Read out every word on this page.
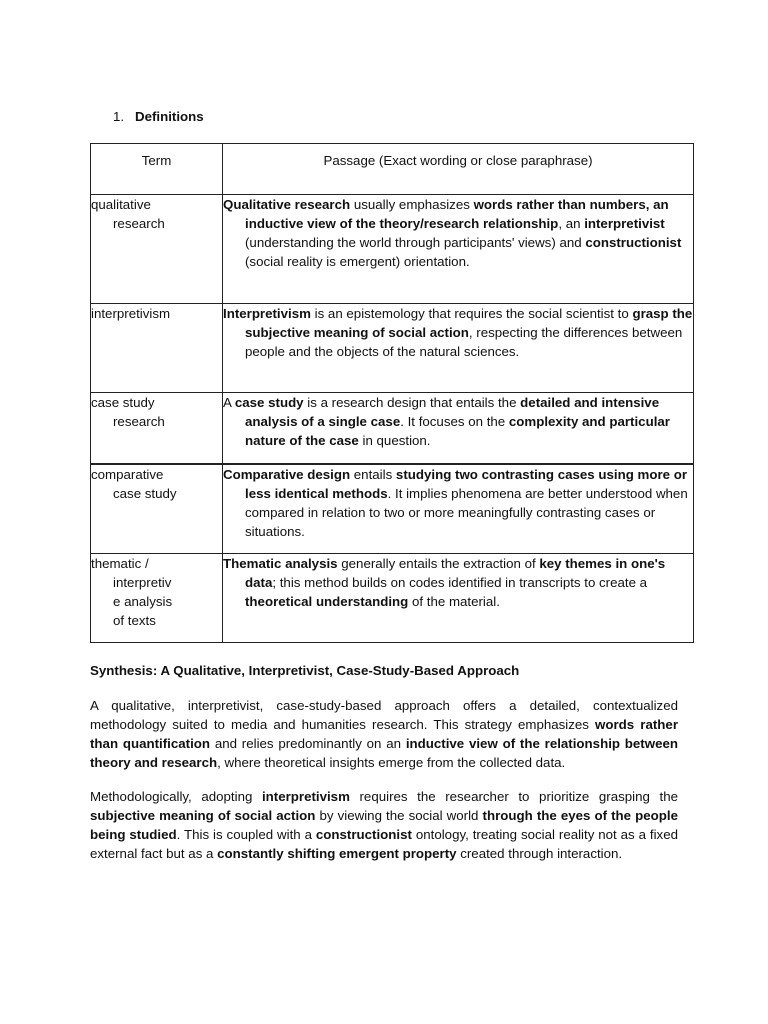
1. Definitions
Term	Passage (Exact wording or close paraphrase)

qualitative
research	Qualitative research usually emphasizes words rather than numbers, an inductive view of the theory/research relationship, an interpretivist (understanding the world through participants' views) and constructionist (social reality is emergent) orientation.

interpretivism	Interpretivism is an epistemology that requires the social scientist to grasp the subjective meaning of social action, respecting the differences between people and the objects of the natural sciences.

case study
research	A case study is a research design that entails the detailed and intensive analysis of a single case. It focuses on the complexity and particular nature of the case in question.

comparative
case study	Comparative design entails studying two contrasting cases using more or less identical methods. It implies phenomena are better understood when compared in relation to two or more meaningfully contrasting cases or situations.

thematic /
interpretiv
e analysis
of texts	Thematic analysis generally entails the extraction of key themes in one's data; this method builds on codes identified in transcripts to create a theoretical understanding of the material.

Synthesis: A Qualitative, Interpretivist, Case-Study-Based Approach

A qualitative, interpretivist, case-study-based approach offers a detailed, contextualized methodology suited to media and humanities research. This strategy emphasizes words rather than quantification and relies predominantly on an inductive view of the relationship between theory and research, where theoretical insights emerge from the collected data.

Methodologically, adopting interpretivism requires the researcher to prioritize grasping the subjective meaning of social action by viewing the social world through the eyes of the people being studied. This is coupled with a constructionist ontology, treating social reality not as a fixed external fact but as a constantly shifting emergent property created through interaction.
